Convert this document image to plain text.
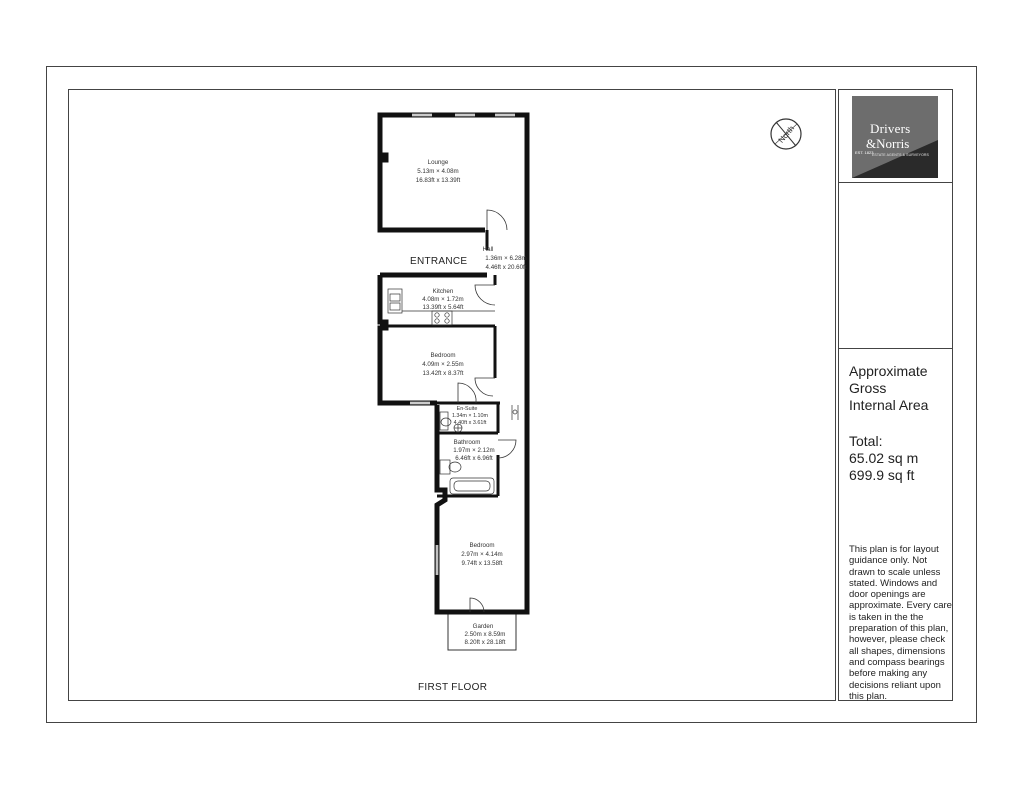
Drivers
&Norris
ESTATE AGENTS & SURVEYORS
EST. 1823
Approximate
Gross
Internal Area
Total:
65.02 sq m
699.9 sq ft
This plan is for layout guidance only. Not drawn to scale unless stated. Windows and door openings are approximate. Every care is taken in the the preparation of this plan, however, please check all shapes, dimensions and compass bearings before making any decisions reliant upon this plan.
ENTRANCE
FIRST FLOOR
North
Lounge
5.13m × 4.08m
16.83ft x 13.39ft
Hall
1.36m × 6.28m
4.46ft x 20.60ft
Kitchen
4.08m × 1.72m
13.39ft x 5.64ft
Bedroom
4.09m × 2.55m
13.42ft x 8.37ft
En-Suite
1.34m × 1.10m
4.40ft x 3.61ft
Bathroom
1.97m × 2.12m
6.46ft x 6.96ft
Bedroom
2.97m × 4.14m
9.74ft x 13.58ft
Garden
2.50m x 8.59m
8.20ft x 28.18ft
